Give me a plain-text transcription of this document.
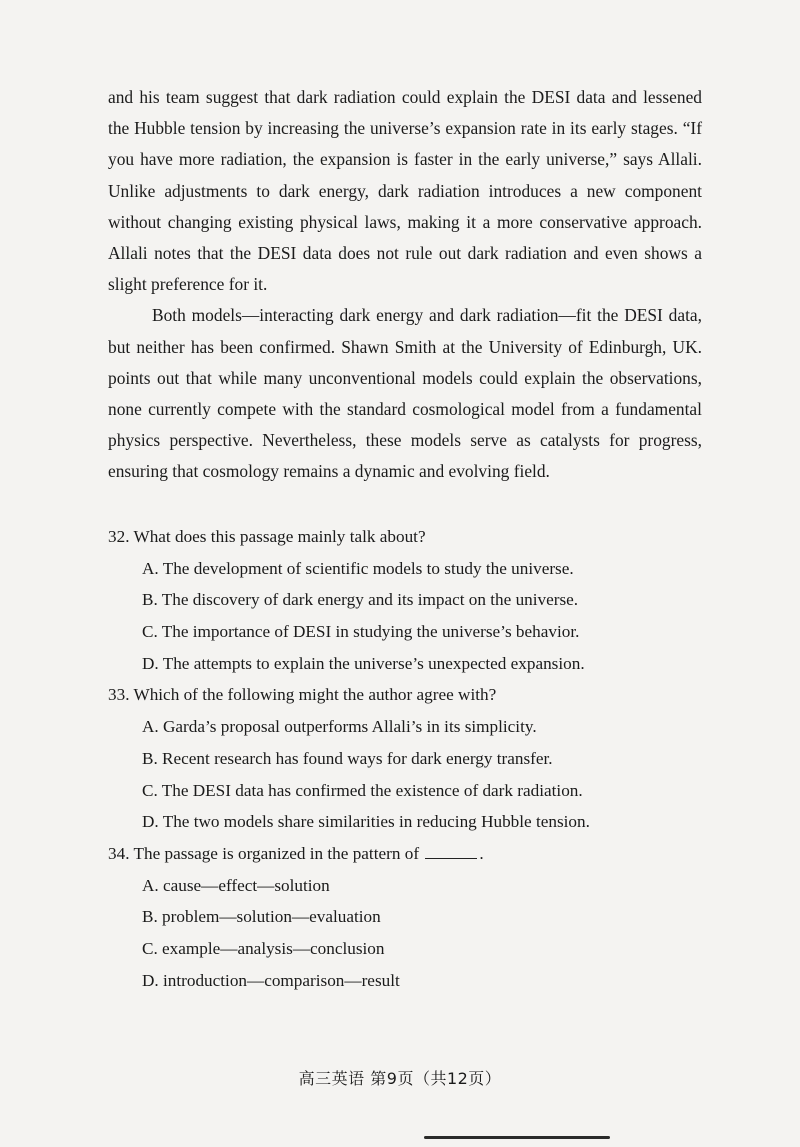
and his team suggest that dark radiation could explain the DESI data and lessened the Hubble tension by increasing the universe’s expansion rate in its early stages. “If you have more radiation, the expansion is faster in the early universe,” says Allali. Unlike adjustments to dark energy, dark radiation introduces a new component without changing existing physical laws, making it a more conservative approach. Allali notes that the DESI data does not rule out dark radiation and even shows a slight preference for it.

Both models—interacting dark energy and dark radiation—fit the DESI data, but neither has been confirmed. Shawn Smith at the University of Edinburgh, UK. points out that while many unconventional models could explain the observations, none currently compete with the standard cosmological model from a fundamental physics perspective. Nevertheless, these models serve as catalysts for progress, ensuring that cosmology remains a dynamic and evolving field.

32. What does this passage mainly talk about?
A. The development of scientific models to study the universe.
B. The discovery of dark energy and its impact on the universe.
C. The importance of DESI in studying the universe’s behavior.
D. The attempts to explain the universe’s unexpected expansion.
33. Which of the following might the author agree with?
A. Garda’s proposal outperforms Allali’s in its simplicity.
B. Recent research has found ways for dark energy transfer.
C. The DESI data has confirmed the existence of dark radiation.
D. The two models share similarities in reducing Hubble tension.
34. The passage is organized in the pattern of	.
A. cause—effect—solution
B. problem—solution—evaluation
C. example—analysis—conclusion
D. introduction—comparison—result
高三英语 第9页（共12页）
